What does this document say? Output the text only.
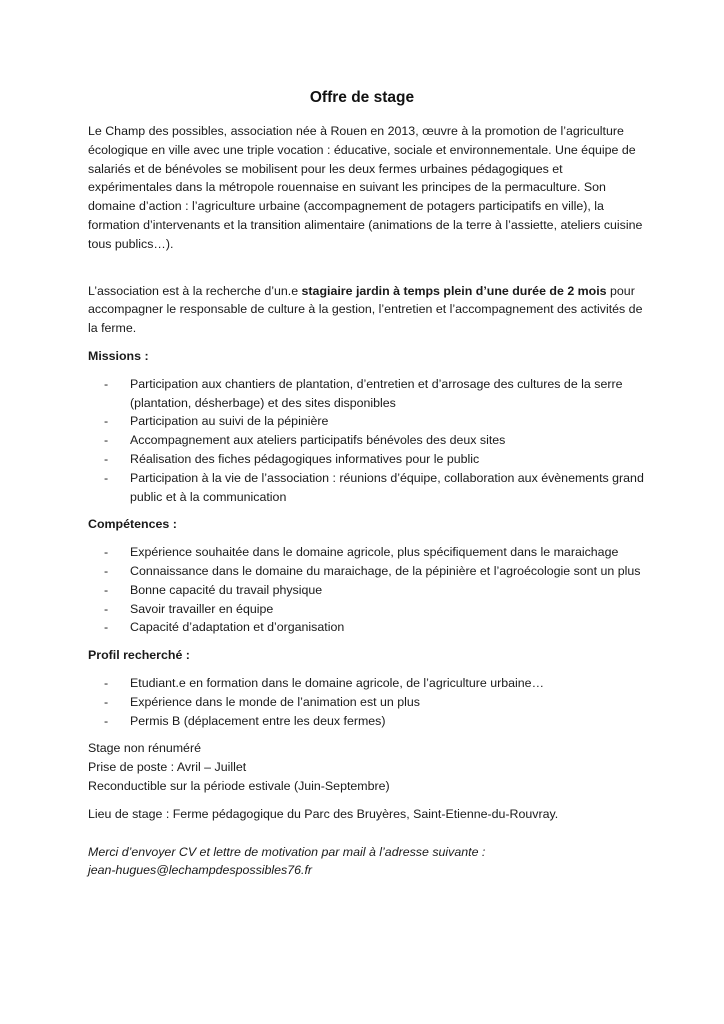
Offre de stage

Le Champ des possibles, association née à Rouen en 2013, œuvre à la promotion de l’agriculture écologique en ville avec une triple vocation : éducative, sociale et environnementale. Une équipe de salariés et de bénévoles se mobilisent pour les deux fermes urbaines pédagogiques et expérimentales dans la métropole rouennaise en suivant les principes de la permaculture. Son domaine d’action : l’agriculture urbaine (accompagnement de potagers participatifs en ville), la formation d’intervenants et la transition alimentaire (animations de la terre à l’assiette, ateliers cuisine tous publics…).

L’association est à la recherche d’un.e stagiaire jardin à temps plein d’une durée de 2 mois pour accompagner le responsable de culture à la gestion, l’entretien et l’accompagnement des activités de la ferme.

Missions :

- Participation aux chantiers de plantation, d’entretien et d’arrosage des cultures de la serre (plantation, désherbage) et des sites disponibles
- Participation au suivi de la pépinière
- Accompagnement aux ateliers participatifs bénévoles des deux sites
- Réalisation des fiches pédagogiques informatives pour le public
- Participation à la vie de l’association : réunions d’équipe, collaboration aux évènements grand public et à la communication

Compétences :

- Expérience souhaitée dans le domaine agricole, plus spécifiquement dans le maraichage
- Connaissance dans le domaine du maraichage, de la pépinière et l’agroécologie sont un plus
- Bonne capacité du travail physique
- Savoir travailler en équipe
- Capacité d’adaptation et d’organisation

Profil recherché :

- Etudiant.e en formation dans le domaine agricole, de l’agriculture urbaine…
- Expérience dans le monde de l’animation est un plus
- Permis B (déplacement entre les deux fermes)

Stage non rénuméré

Prise de poste : Avril – Juillet

Reconductible sur la période estivale (Juin-Septembre)

Lieu de stage : Ferme pédagogique du Parc des Bruyères, Saint-Etienne-du-Rouvray.

Merci d’envoyer CV et lettre de motivation par mail à l’adresse suivante :
jean-hugues@lechampdespossibles76.fr
